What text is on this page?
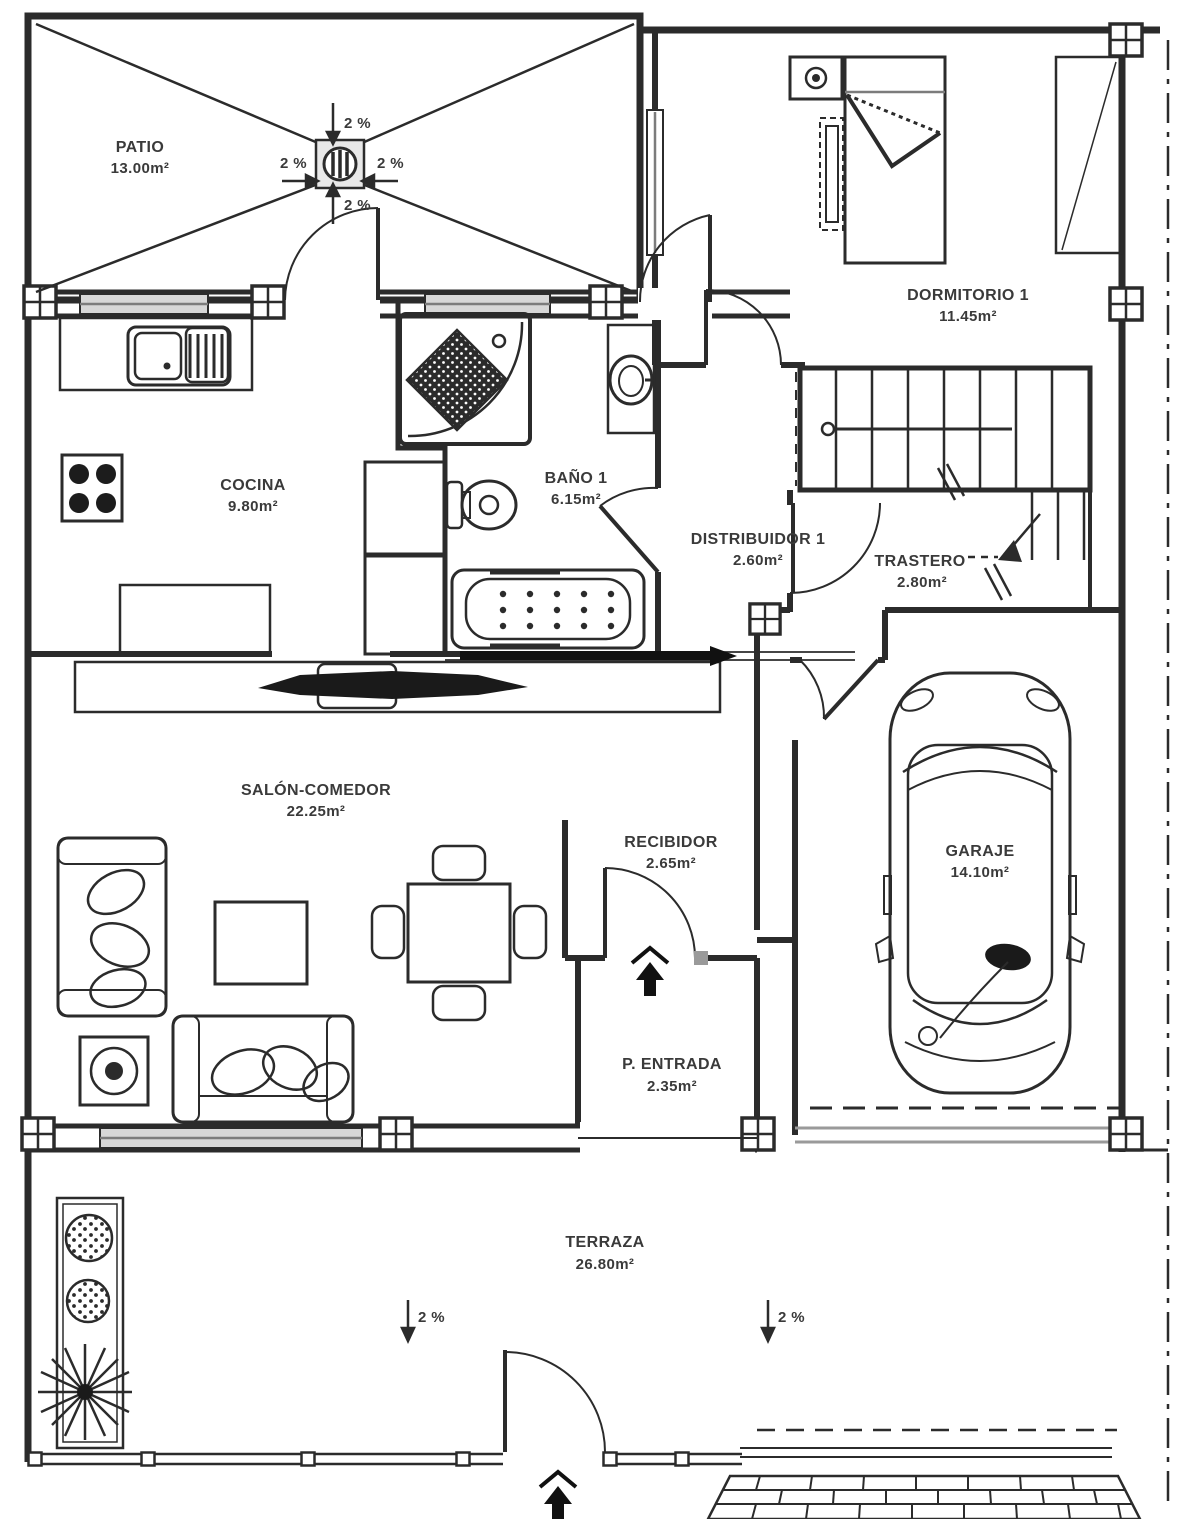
PATIO
13.00m²
DORMITORIO 1
11.45m²
COCINA
9.80m²
BAÑO 1
6.15m²
DISTRIBUIDOR 1
2.60m²	TRASTERO
2.80m²
SALÓN-COMEDOR
22.25m²
RECIBIDOR
2.65m²
GARAJE
14.10m²
P. ENTRADA
2.35m²
TERRAZA
26.80m²
2 %
2 %	2 %
2 %
2 %	2 %
